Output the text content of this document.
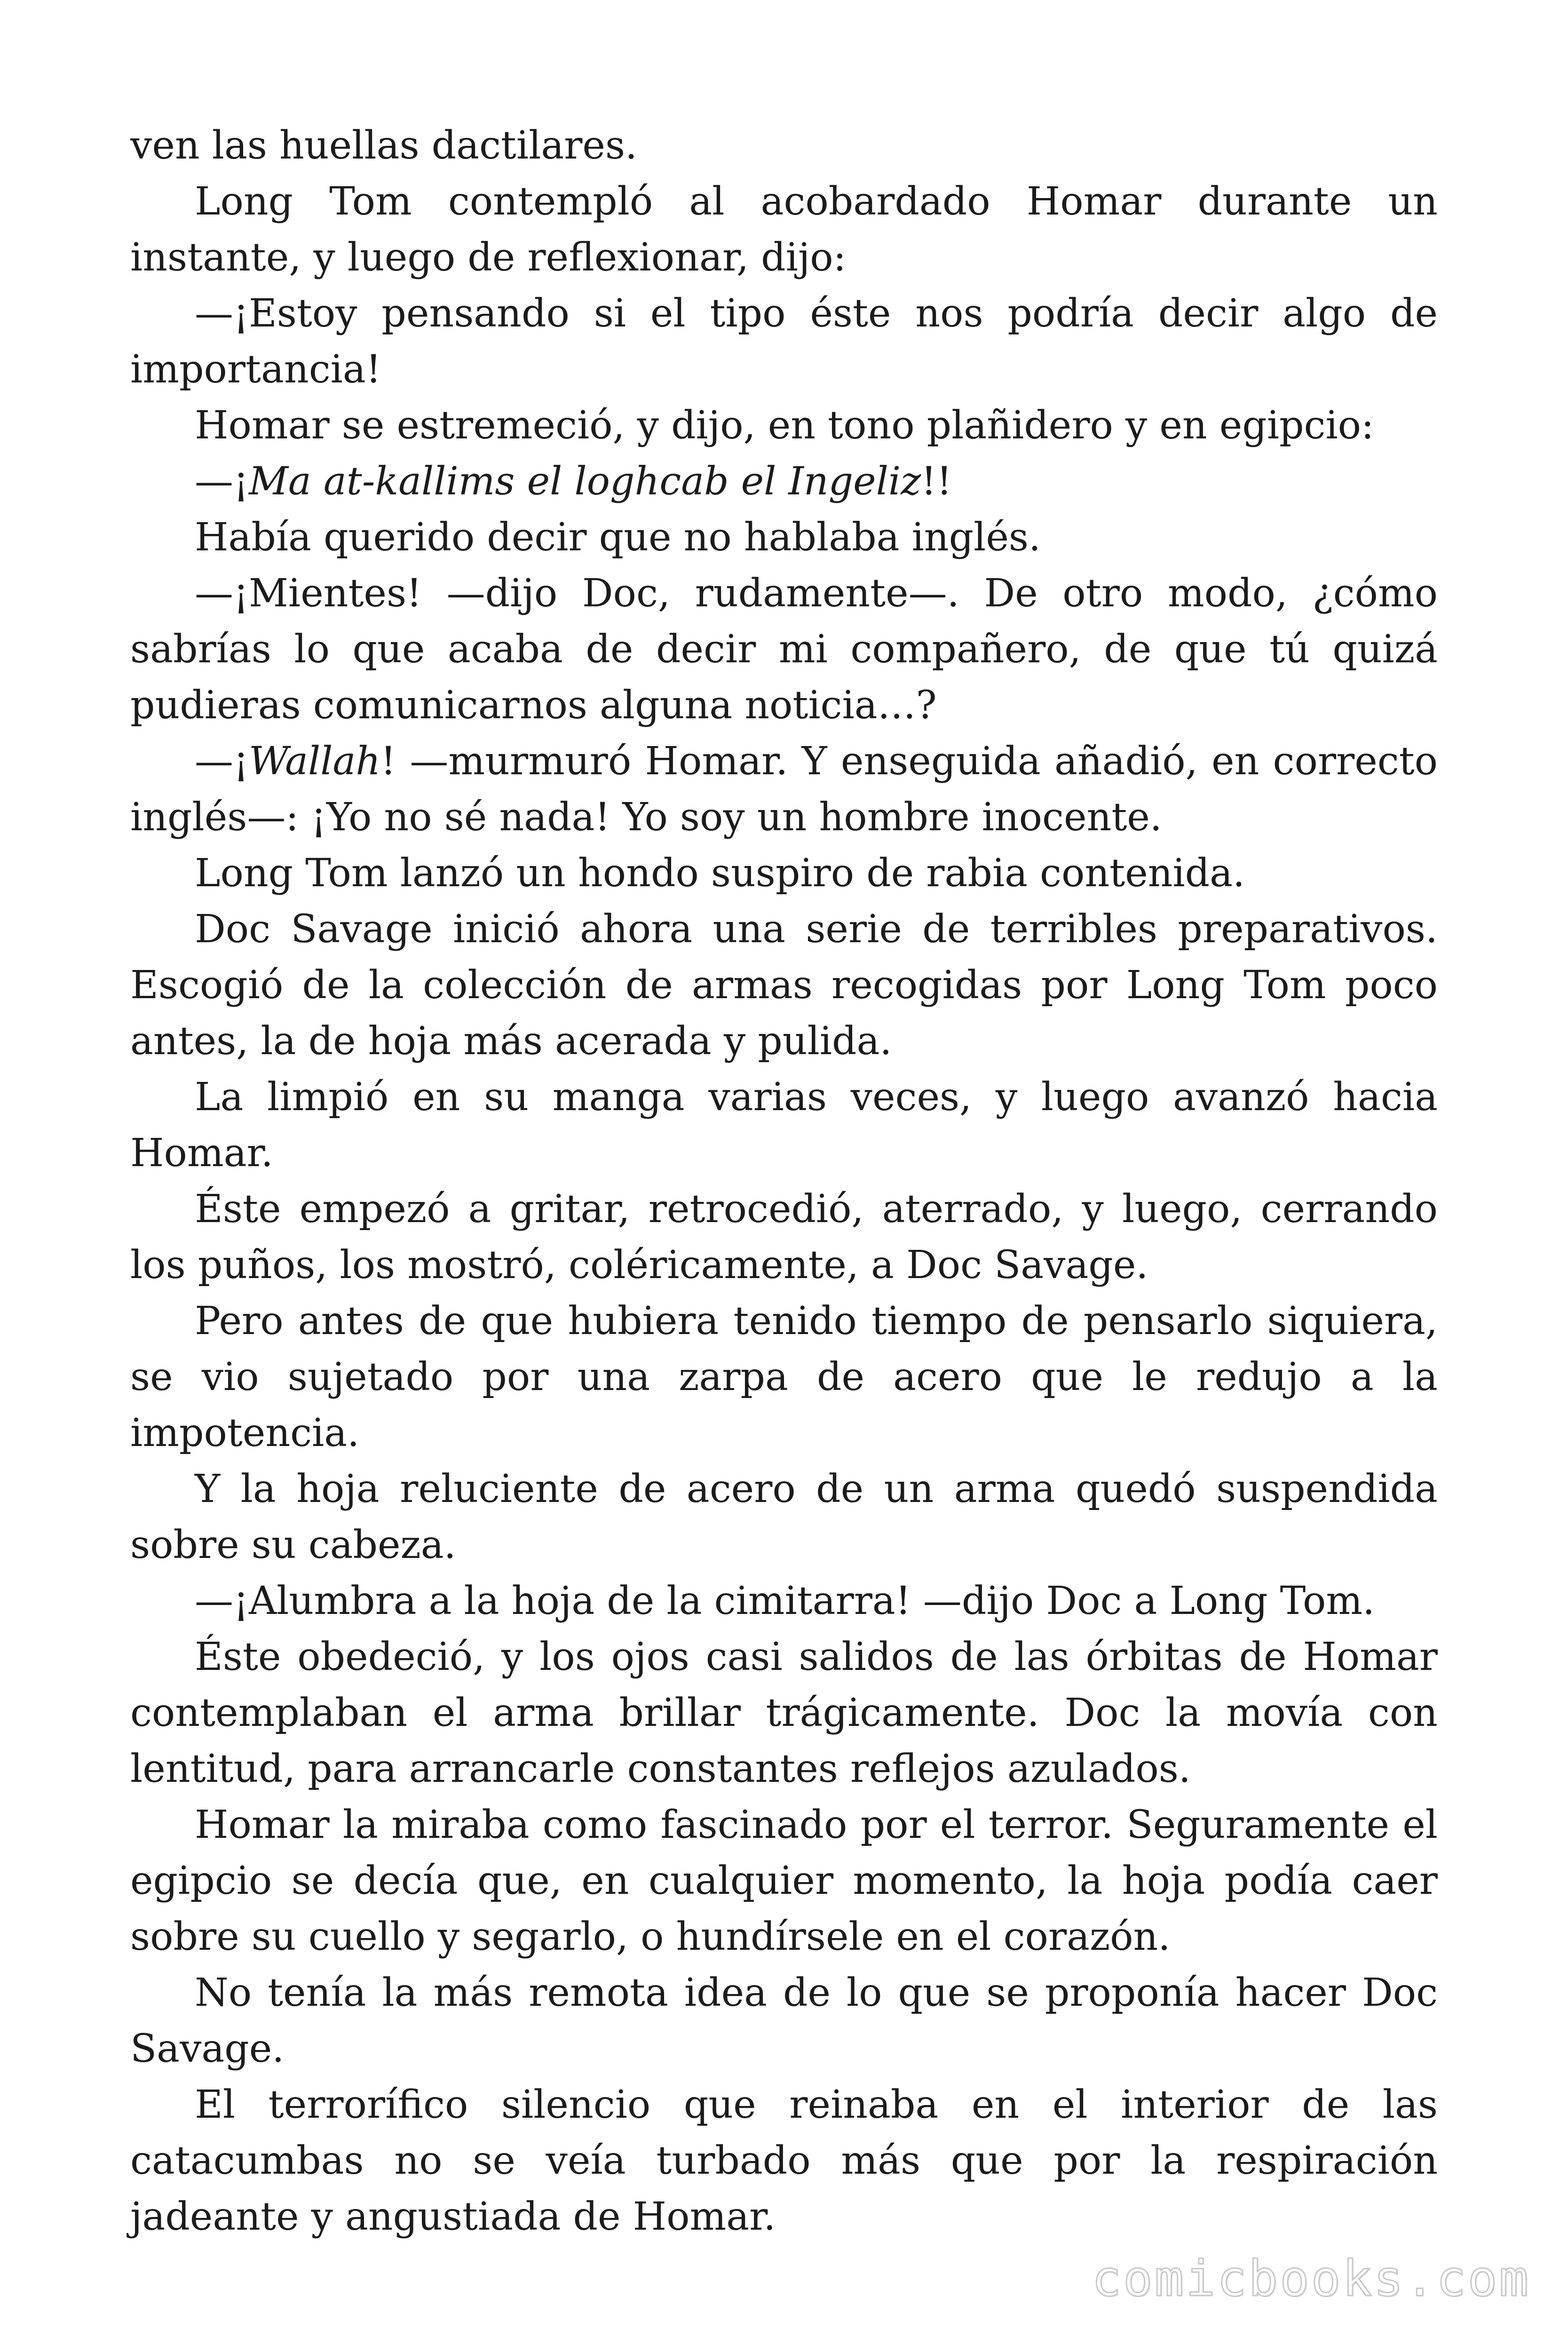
ven las huellas dactilares.

Long Tom contempló al acobardado Homar durante un instante, y luego de reflexionar, dijo:

—¡Estoy pensando si el tipo éste nos podría decir algo de importancia!

Homar se estremeció, y dijo, en tono plañidero y en egipcio:

—¡Ma at-kallims el loghcab el Ingeliz!!

Había querido decir que no hablaba inglés.

—¡Mientes! —dijo Doc, rudamente—. De otro modo, ¿cómo sabrías lo que acaba de decir mi compañero, de que tú quizá pudieras comunicarnos alguna noticia…?

—¡Wallah! —murmuró Homar. Y enseguida añadió, en correcto inglés—: ¡Yo no sé nada! Yo soy un hombre inocente.

Long Tom lanzó un hondo suspiro de rabia contenida.

Doc Savage inició ahora una serie de terribles preparativos. Escogió de la colección de armas recogidas por Long Tom poco antes, la de hoja más acerada y pulida.

La limpió en su manga varias veces, y luego avanzó hacia Homar.

Éste empezó a gritar, retrocedió, aterrado, y luego, cerrando los puños, los mostró, coléricamente, a Doc Savage.

Pero antes de que hubiera tenido tiempo de pensarlo siquiera, se vio sujetado por una zarpa de acero que le redujo a la impotencia.

Y la hoja reluciente de acero de un arma quedó suspendida sobre su cabeza.

—¡Alumbra a la hoja de la cimitarra! —dijo Doc a Long Tom.

Éste obedeció, y los ojos casi salidos de las órbitas de Homar contemplaban el arma brillar trágicamente. Doc la movía con lentitud, para arrancarle constantes reflejos azulados.

Homar la miraba como fascinado por el terror. Seguramente el egipcio se decía que, en cualquier momento, la hoja podía caer sobre su cuello y segarlo, o hundírsele en el corazón.

No tenía la más remota idea de lo que se proponía hacer Doc Savage.

El terrorífico silencio que reinaba en el interior de las catacumbas no se veía turbado más que por la respiración jadeante y angustiada de Homar.

comicbooks.com
